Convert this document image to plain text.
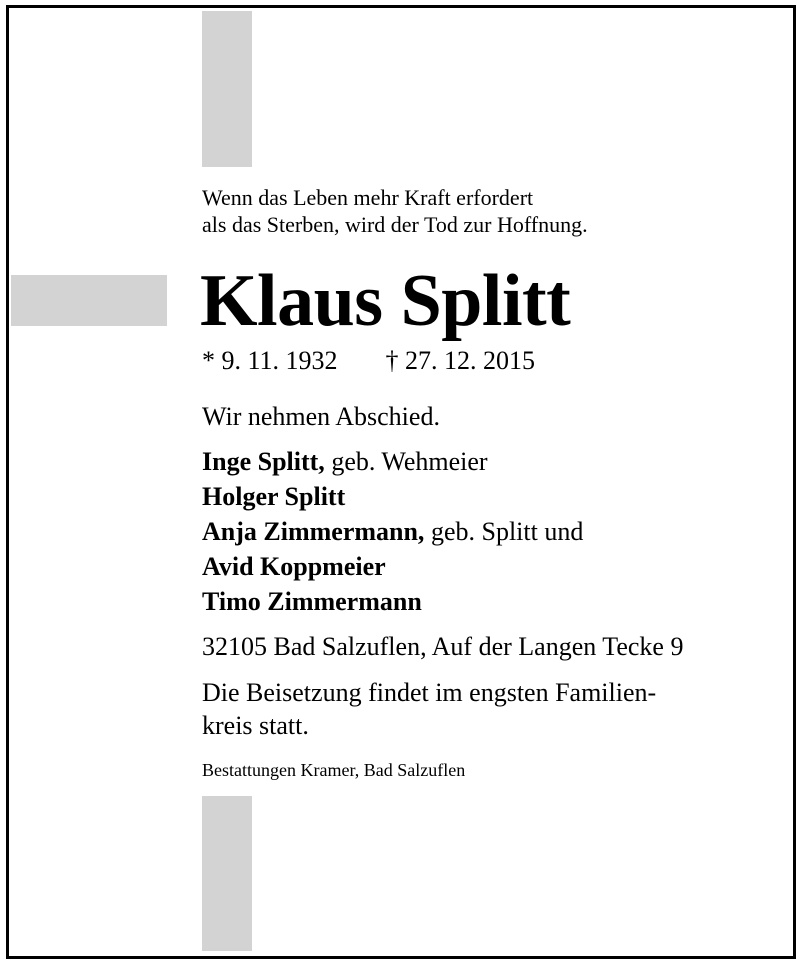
Wenn das Leben mehr Kraft erfordert
als das Sterben, wird der Tod zur Hoffnung.

Klaus Splitt
* 9. 11. 1932 † 27. 12. 2015

Wir nehmen Abschied.

Inge Splitt, geb. Wehmeier
Holger Splitt
Anja Zimmermann, geb. Splitt und
Avid Koppmeier
Timo Zimmermann

32105 Bad Salzuflen, Auf der Langen Tecke 9

Die Beisetzung findet im engsten Familien-
kreis statt.

Bestattungen Kramer, Bad Salzuflen
